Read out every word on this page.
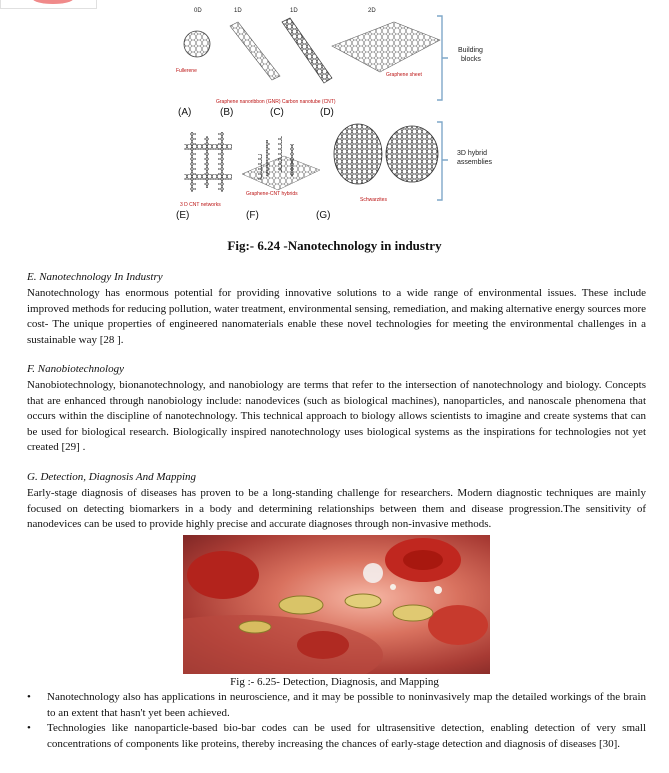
0D	1D	1D	2D
Fullerene
Graphene sheet
Graphene nanoribbon (GNR) Carbon nanotube (CNT)
(A)	(B)	(C)	(D)
Graphene-CNT hybrids
Schwarzites
3 D CNT networks
(E)	(F)	(G)
Building
blocks
3D hybrid
assemblies
Fig:- 6.24 -Nanotechnology in industry
E. Nanotechnology In Industry
Nanotechnology has enormous potential for providing innovative solutions to a wide range of environmental issues. These include improved methods for reducing pollution, water treatment, environmental sensing, remediation, and making alternative energy sources more cost- The unique properties of engineered nanomaterials enable these novel technologies for meeting the environmental challenges in a sustainable way [28 ].
F. Nanobiotechnology
Nanobiotechnology, bionanotechnology, and nanobiology are terms that refer to the intersection of nanotechnology and biology. Concepts that are enhanced through nanobiology include: nanodevices (such as biological machines), nanoparticles, and nanoscale phenomena that occurs within the discipline of nanotechnology. This technical approach to biology allows scientists to imagine and create systems that can be used for biological research. Biologically inspired nanotechnology uses biological systems as the inspirations for technologies not yet created [29] .
G. Detection, Diagnosis And Mapping
Early-stage diagnosis of diseases has proven to be a long-standing challenge for researchers. Modern diagnostic techniques are mainly focused on detecting biomarkers in a body and determining relationships between them and disease progression.The sensitivity of nanodevices can be used to provide highly precise and accurate diagnoses through non-invasive methods.
Fig :- 6.25- Detection, Diagnosis, and Mapping
• Nanotechnology also has applications in neuroscience, and it may be possible to noninvasively map the detailed workings of the brain to an extent that hasn't yet been achieved.
• Technologies like nanoparticle-based bio-bar codes can be used for ultrasensitive detection, enabling detection of very small concentrations of components like proteins, thereby increasing the chances of early-stage detection and diagnosis of diseases [30].
